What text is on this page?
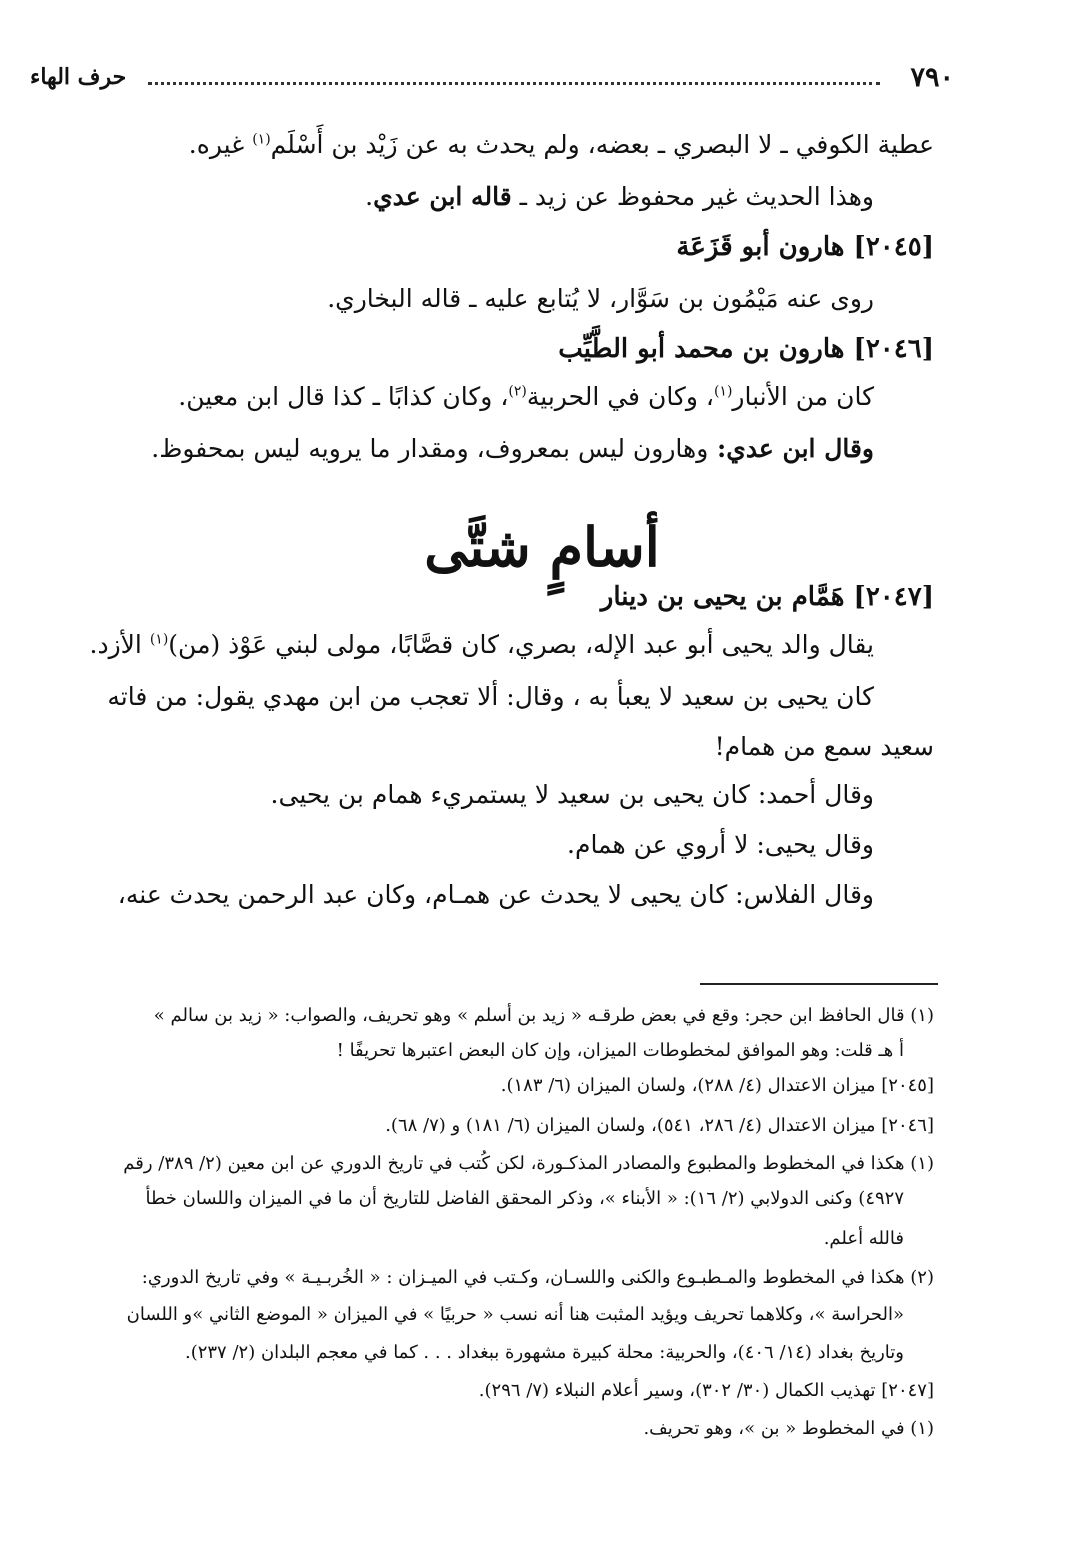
٧٩٠
حرف الهاء
عطية الكوفي ـ لا البصري ـ بعضه، ولم يحدث به عن زَيْد بن أَسْلَم$^{(١)}$ غيره.
وهذا الحديث غير محفوظ عن زيد ـ قاله ابن عدي.
[٢٠٤٥] هارون أبو قَزَعَة
روى عنه مَيْمُون بن سَوَّار، لا يُتابع عليه ـ قاله البخاري.
[٢٠٤٦] هارون بن محمد أبو الطَّيِّب
كان من الأنبار$^{(١)}$، وكان في الحربية$^{(٢)}$، وكان كذابًا ـ كذا قال ابن معين.
وقال ابن عدي: وهارون ليس بمعروف، ومقدار ما يرويه ليس بمحفوظ.
أسامٍ شتَّى
[٢٠٤٧] هَمَّام بن يحيى بن دينار
يقال والد يحيى أبو عبد الإله، بصري، كان قصَّابًا، مولى لبني عَوْذ (من)$^{(١)}$ الأزد.
كان يحيى بن سعيد لا يعبأ به ، وقال: ألا تعجب من ابن مهدي يقول: من فاته
سعيد سمع من همام!
وقال أحمد: كان يحيى بن سعيد لا يستمريء همام بن يحيى.
وقال يحيى: لا أروي عن همام.
وقال الفلاس: كان يحيى لا يحدث عن همـام، وكان عبد الرحمن يحدث عنه،
(١) قال الحافظ ابن حجر: وقع في بعض طرقـه « زيد بن أسلم » وهو تحريف، والصواب: « زيد بن سالم »
أ هـ قلت: وهو الموافق لمخطوطات الميزان، وإن كان البعض اعتبرها تحريفًا !
[٢٠٤٥] ميزان الاعتدال (٤/ ٢٨٨)، ولسان الميزان (٦/ ١٨٣).
[٢٠٤٦] ميزان الاعتدال (٤/ ٢٨٦، ٥٤١)، ولسان الميزان (٦/ ١٨١) و (٧/ ٦٨).
(١) هكذا في المخطوط والمطبوع والمصادر المذكـورة، لكن كُتب في تاريخ الدوري عن ابن معين (٢/ ٣٨٩/ رقم
٤٩٢٧) وكنى الدولابي (٢/ ١٦): « الأبناء »، وذكر المحقق الفاضل للتاريخ أن ما في الميزان واللسان خطأ
فالله أعلم.
(٢) هكذا في المخطوط والمـطبـوع والكنى واللسـان، وكـتب في الميـزان : « الخُربـيـة » وفي تاريخ الدوري:
«الحراسة »، وكلاهما تحريف ويؤيد المثبت هنا أنه نسب « حربيًا » في الميزان « الموضع الثاني »و اللسان
وتاريخ بغداد (١٤/ ٤٠٦)، والحربية: محلة كبيرة مشهورة ببغداد . . . كما في معجم البلدان (٢/ ٢٣٧).
[٢٠٤٧] تهذيب الكمال (٣٠/ ٣٠٢)، وسير أعلام النبلاء (٧/ ٢٩٦).
(١) في المخطوط « بن »، وهو تحريف.
